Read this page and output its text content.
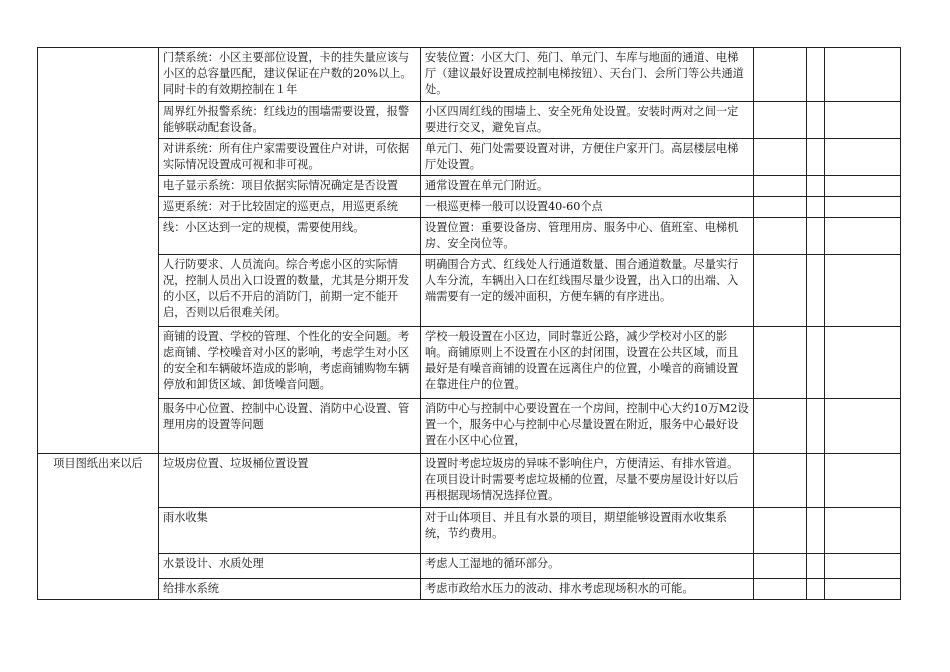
	门禁系统：小区主要部位设置，卡的挂失量应该与小区的总容量匹配，建议保证在户数的20%以上。同时卡的有效期控制在１年	安装位置：小区大门、苑门、单元门、车库与地面的通道、电梯厅（建议最好设置成控制电梯按钮）、天台门、会所门等公共通道处。			
	周界红外报警系统：红线边的围墙需要设置，报警能够联动配套设备。	小区四周红线的围墙上、安全死角处设置。安装时两对之间一定要进行交叉，避免盲点。			
	对讲系统：所有住户家需要设置住户对讲，可依据实际情况设置成可视和非可视。	单元门、苑门处需要设置对讲，方便住户家开门。高层楼层电梯厅处设置。			
	电子显示系统：项目依据实际情况确定是否设置	通常设置在单元门附近。			
	巡更系统：对于比较固定的巡更点，用巡更系统	一根巡更棒一般可以设置40-60个点			
	线：小区达到一定的规模，需要使用线。	设置位置：重要设备房、管理用房、服务中心、值班室、电梯机房、安全岗位等。			
	人行防要求、人员流向。综合考虑小区的实际情况，控制人员出入口设置的数量，尤其是分期开发的小区，以后不开启的消防门，前期一定不能开启，否则以后很难关闭。	明确围合方式、红线处人行通道数量、围合通道数量。尽量实行人车分流，车辆出入口在红线围尽量少设置，出入口的出端、入端需要有一定的缓冲面积，方便车辆的有序进出。			
	商铺的设置、学校的管理、个性化的安全问题。考虑商铺、学校噪音对小区的影响，考虑学生对小区的安全和车辆破坏造成的影响，考虑商铺购物车辆停放和卸货区域、卸货噪音问题。	学校一般设置在小区边，同时靠近公路，减少学校对小区的影响。商铺原则上不设置在小区的封闭围，设置在公共区域，而且最好是有噪音商铺的设置在远离住户的位置，小噪音的商铺设置在靠进住户的位置。			
	服务中心位置、控制中心设置、消防中心设置、管理用房的设置等问题	消防中心与控制中心要设置在一个房间，控制中心大约10万M2设置一个，服务中心与控制中心尽量设置在附近，服务中心最好设置在小区中心位置，			
项目图纸出来以后	垃圾房位置、垃圾桶位置设置	设置时考虑垃圾房的异味不影响住户，方便清运、有排水管道。在项目设计时需要考虑垃圾桶的位置，尽量不要房屋设计好以后再根据现场情况选择位置。			
	雨水收集	对于山体项目、并且有水景的项目，期望能够设置雨水收集系统，节约费用。			
	水景设计、水质处理	考虑人工湿地的循环部分。			
	给排水系统	考虑市政给水压力的波动、排水考虑现场积水的可能。			
